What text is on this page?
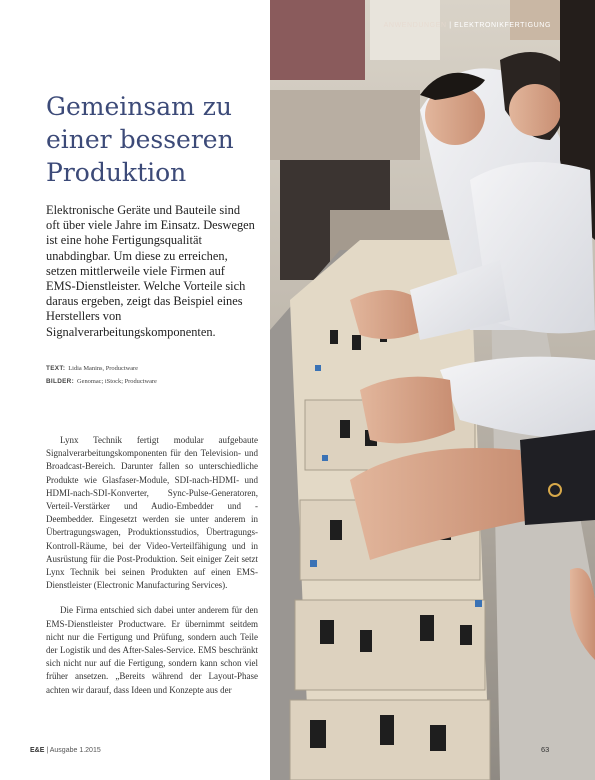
Gemeinsam zu einer besseren Produktion

Elektronische Geräte und Bauteile sind oft über viele Jahre im Einsatz. Deswegen ist eine hohe Fertigungsqualität unabdingbar. Um diese zu erreichen, setzen mittlerweile viele Firmen auf EMS-Dienstleister. Welche Vorteile sich daraus ergeben, zeigt das Beispiel eines Herstellers von Signalverarbeitungskomponenten.

TEXT: Lidia Manins, Productware
BILDER: Genomac; iStock; Productware

Lynx Technik fertigt modular aufgebaute Signalverarbeitungskomponenten für den Television- und Broadcast-Bereich. Darunter fallen so unterschiedliche Produkte wie Glasfaser-Module, SDI-nach-HDMI- und HDMI-nach-SDI-Konverter, Sync-Pulse-Generatoren, Verteil-Verstärker und Audio-Embedder und -Deembedder. Eingesetzt werden sie unter anderem in Übertragungswagen, Produktionsstudios, Übertragungs-Kontroll-Räume, bei der Video-Verteilfähigung und in Ausrüstung für die Post-Produktion. Seit einiger Zeit setzt Lynx Technik bei seinen Produkten auf einen EMS-Dienstleister (Electronic Manufacturing Services).

Die Firma entschied sich dabei unter anderem für den EMS-Dienstleister Productware. Er übernimmt seitdem nicht nur die Fertigung und Prüfung, sondern auch Teile der Logistik und des After-Sales-Service. EMS beschränkt sich nicht nur auf die Fertigung, sondern kann schon viel früher ansetzen. „Bereits während der Layout-Phase achten wir darauf, dass Ideen und Konzepte aus der

E&E | Ausgabe 1.2015
ANWENDUNGEN | ELEKTRONIKFERTIGUNG
63
